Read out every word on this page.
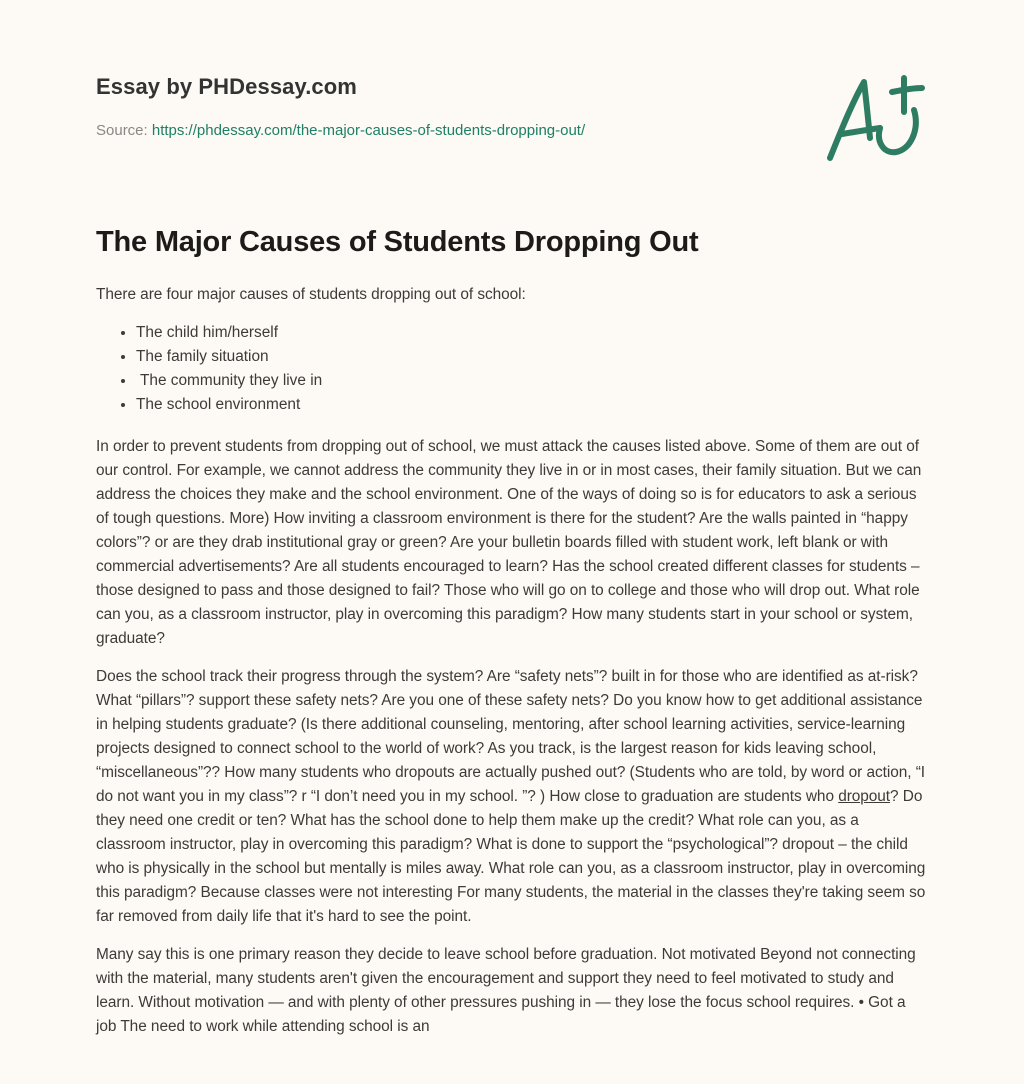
Essay by PHDessay.com
Source: https://phdessay.com/the-major-causes-of-students-dropping-out/
The Major Causes of Students Dropping Out

There are four major causes of students dropping out of school:

• The child him/herself
• The family situation
•  The community they live in
• The school environment

In order to prevent students from dropping out of school, we must attack the causes listed above. Some of them are out of our control. For example, we cannot address the community they live in or in most cases, their family situation. But we can address the choices they make and the school environment. One of the ways of doing so is for educators to ask a serious of tough questions. More) How inviting a classroom environment is there for the student? Are the walls painted in “happy colors”? or are they drab institutional gray or green? Are your bulletin boards filled with student work, left blank or with commercial advertisements? Are all students encouraged to learn? Has the school created different classes for students – those designed to pass and those designed to fail? Those who will go on to college and those who will drop out. What role can you, as a classroom instructor, play in overcoming this paradigm? How many students start in your school or system, graduate?

Does the school track their progress through the system? Are “safety nets”? built in for those who are identified as at-risk? What “pillars”? support these safety nets? Are you one of these safety nets? Do you know how to get additional assistance in helping students graduate? (Is there additional counseling, mentoring, after school learning activities, service-learning projects designed to connect school to the world of work? As you track, is the largest reason for kids leaving school, “miscellaneous”?? How many students who dropouts are actually pushed out? (Students who are told, by word or action, “I do not want you in my class”? r “I don’t need you in my school. ”? ) How close to graduation are students who dropout? Do they need one credit or ten? What has the school done to help them make up the credit? What role can you, as a classroom instructor, play in overcoming this paradigm? What is done to support the “psychological”? dropout – the child who is physically in the school but mentally is miles away. What role can you, as a classroom instructor, play in overcoming this paradigm? Because classes were not interesting For many students, the material in the classes they're taking seem so far removed from daily life that it's hard to see the point.

Many say this is one primary reason they decide to leave school before graduation. Not motivated Beyond not connecting with the material, many students aren't given the encouragement and support they need to feel motivated to study and learn. Without motivation — and with plenty of other pressures pushing in — they lose the focus school requires. • Got a job The need to work while attending school is an
